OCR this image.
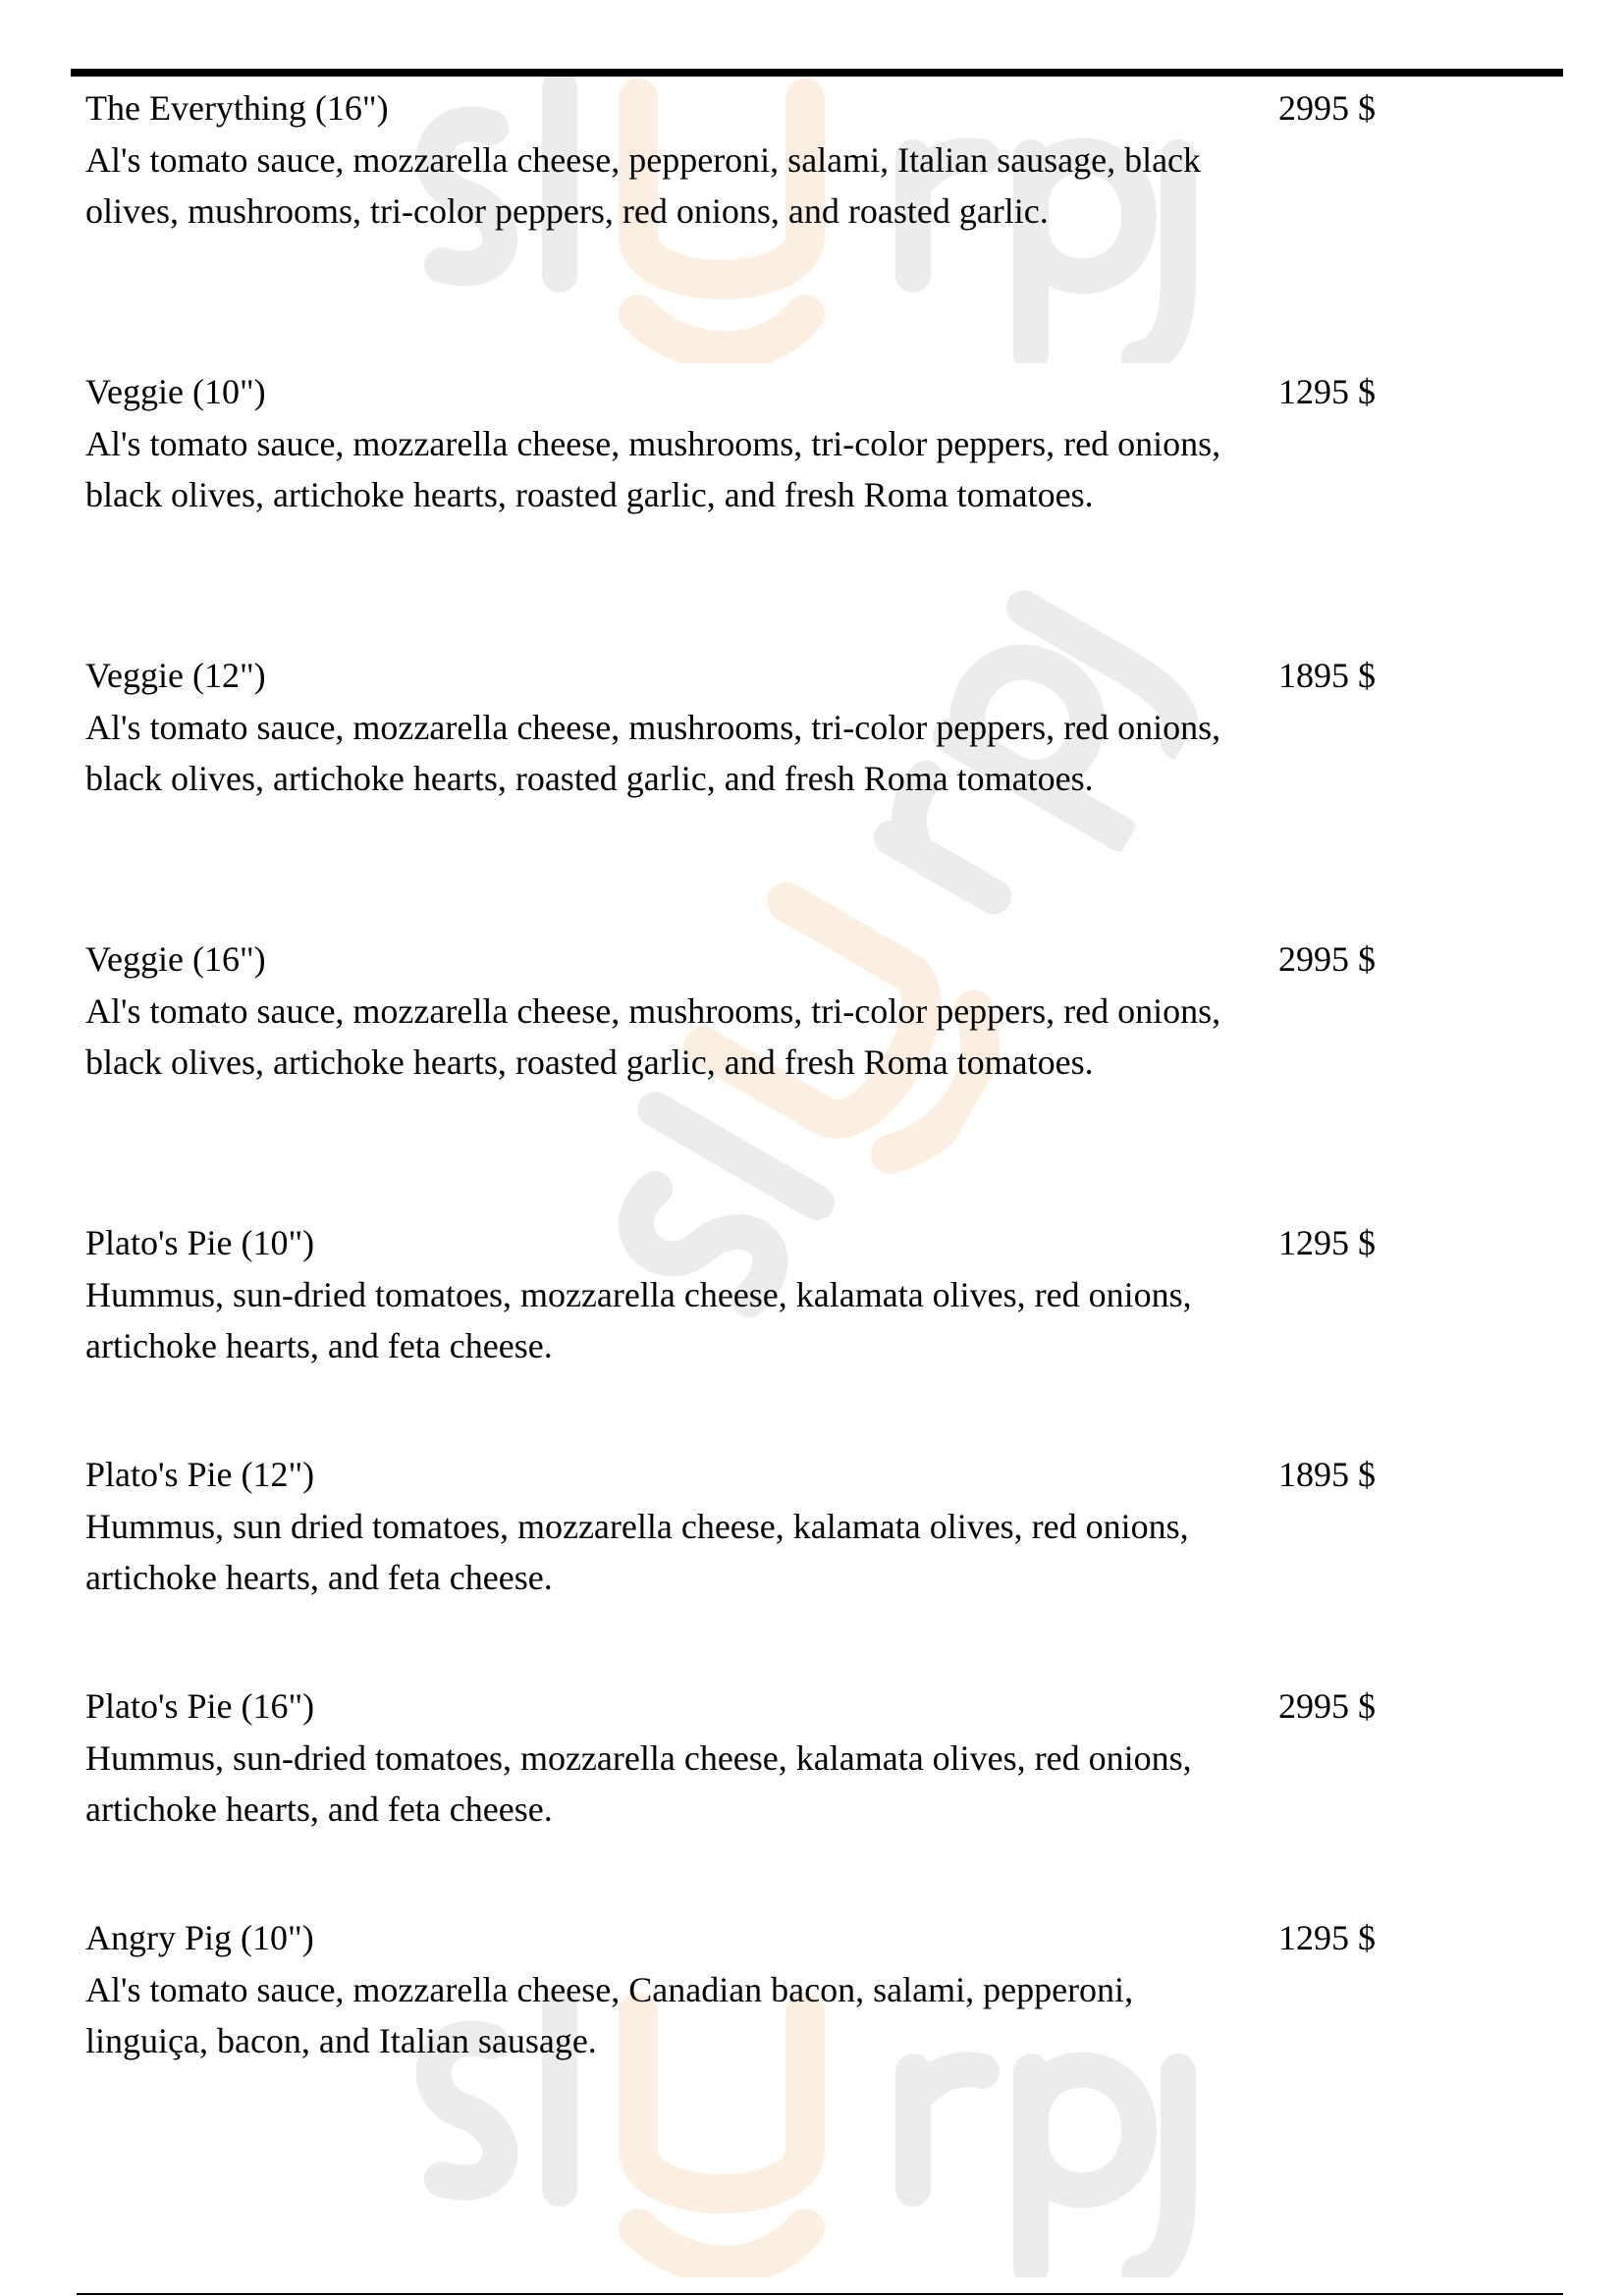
The Everything (16")
Al's tomato sauce, mozzarella cheese, pepperoni, salami, Italian sausage, black olives, mushrooms, tri-color peppers, red onions, and roasted garlic.
2995 $
Veggie (10")
Al's tomato sauce, mozzarella cheese, mushrooms, tri-color peppers, red onions, black olives, artichoke hearts, roasted garlic, and fresh Roma tomatoes.
1295 $
Veggie (12")
Al's tomato sauce, mozzarella cheese, mushrooms, tri-color peppers, red onions, black olives, artichoke hearts, roasted garlic, and fresh Roma tomatoes.
1895 $
Veggie (16")
Al's tomato sauce, mozzarella cheese, mushrooms, tri-color peppers, red onions, black olives, artichoke hearts, roasted garlic, and fresh Roma tomatoes.
2995 $
Plato's Pie (10")
Hummus, sun-dried tomatoes, mozzarella cheese, kalamata olives, red onions, artichoke hearts, and feta cheese.
1295 $
Plato's Pie (12")
Hummus, sun dried tomatoes, mozzarella cheese, kalamata olives, red onions, artichoke hearts, and feta cheese.
1895 $
Plato's Pie (16")
Hummus, sun-dried tomatoes, mozzarella cheese, kalamata olives, red onions, artichoke hearts, and feta cheese.
2995 $
Angry Pig (10")
Al's tomato sauce, mozzarella cheese, Canadian bacon, salami, pepperoni, linguiça, bacon, and Italian sausage.
1295 $
